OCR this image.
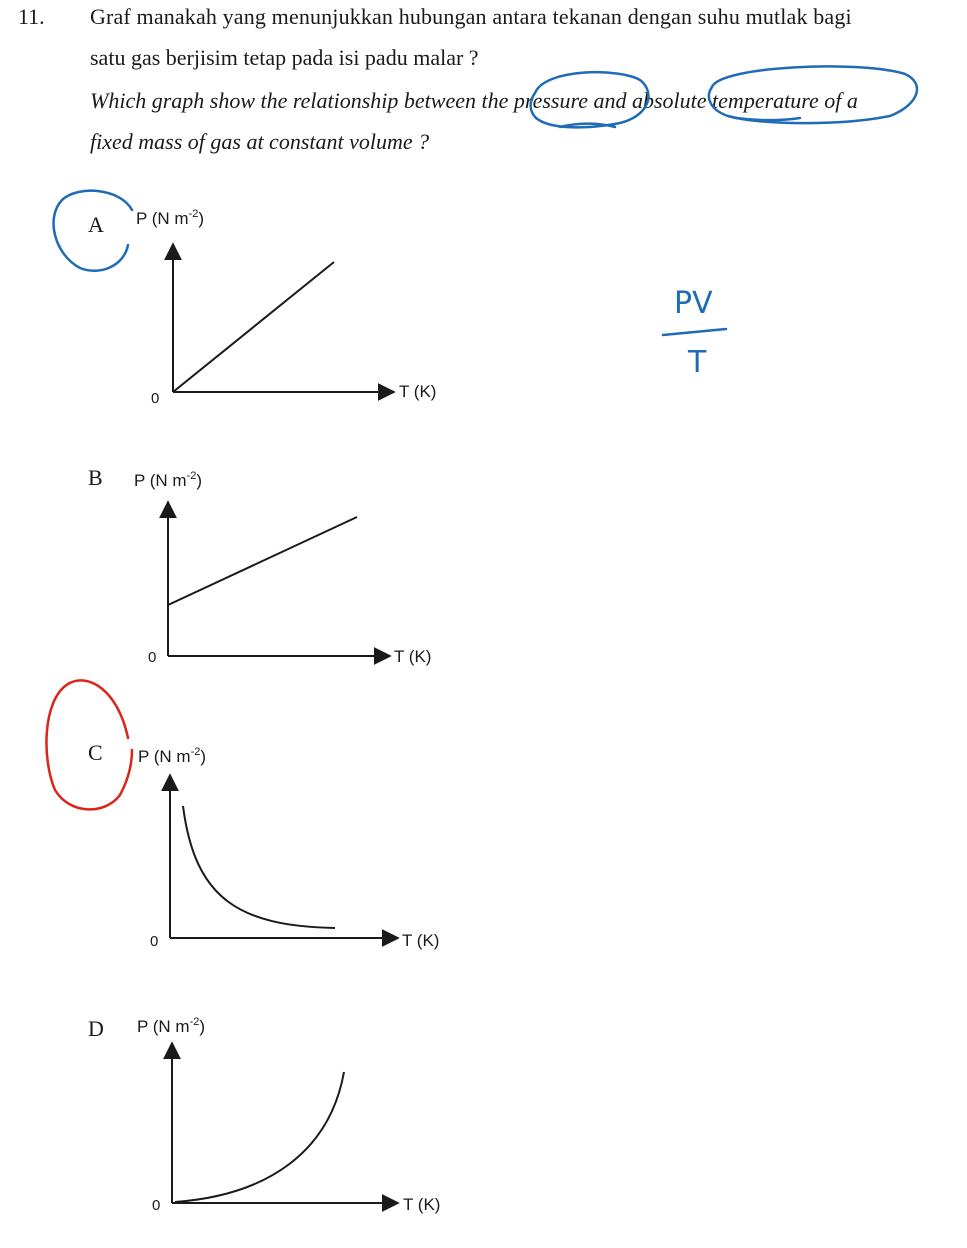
11. Graf manakah yang menunjukkan hubungan antara tekanan dengan suhu mutlak bagi
satu gas berjisim tetap pada isi padu malar ?
Which graph show the relationship between the pressure and absolute temperature of a
fixed mass of gas at constant volume ?
A
B
C
D
P (N $m^{-2}$)
0	T (K)
P (N $m^{-2}$)
0	T (K)
P (N $m^{-2}$)
0	T (K)
P (N $m^{-2}$)
0	T (K)
PV
T
